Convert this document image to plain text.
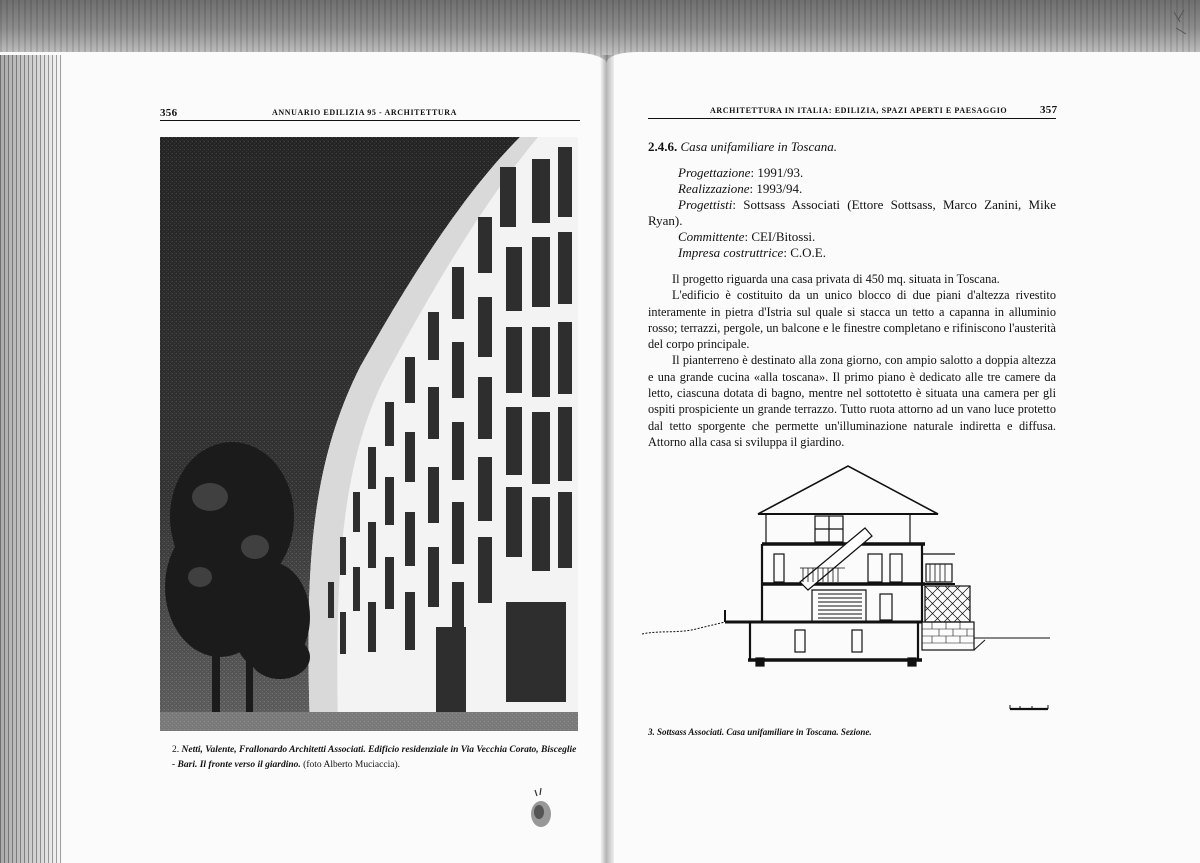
356	ANNUARIO EDILIZIA 95 - ARCHITETTURA
2. Netti, Valente, Frallonardo Architetti Associati. Edificio residenziale in Via Vecchia Corato, Bisceglie
- Bari. Il fronte verso il giardino. (foto Alberto Muciaccia).
ARCHITETTURA IN ITALIA: EDILIZIA, SPAZI APERTI E PAESAGGIO	357
2.4.6. Casa unifamiliare in Toscana.

Progettazione: 1991/93.

Realizzazione: 1993/94.

Progettisti: Sottsass Associati (Ettore Sottsass, Marco Zanini, Mike Ryan).

Committente: CEI/Bitossi.

Impresa costruttrice: C.O.E.

Il progetto riguarda una casa privata di 450 mq. situata in Toscana.

L'edificio è costituito da un unico blocco di due piani d'altezza rivestito interamente in pietra d'Istria sul quale si stacca un tetto a capanna in alluminio rosso; terrazzi, pergole, un balcone e le finestre completano e rifiniscono l'austerità del corpo principale.

Il pianterreno è destinato alla zona giorno, con ampio salotto a doppia altezza e una grande cucina «alla toscana». Il primo piano è dedicato alle tre camere da letto, ciascuna dotata di bagno, mentre nel sottotetto è situata una camera per gli ospiti prospiciente un grande terrazzo. Tutto ruota attorno ad un vano luce protetto dal tetto sporgente che permette un'illuminazione naturale indiretta e diffusa. Attorno alla casa si sviluppa il giardino.

3. Sottsass Associati. Casa unifamiliare in Toscana. Sezione.
